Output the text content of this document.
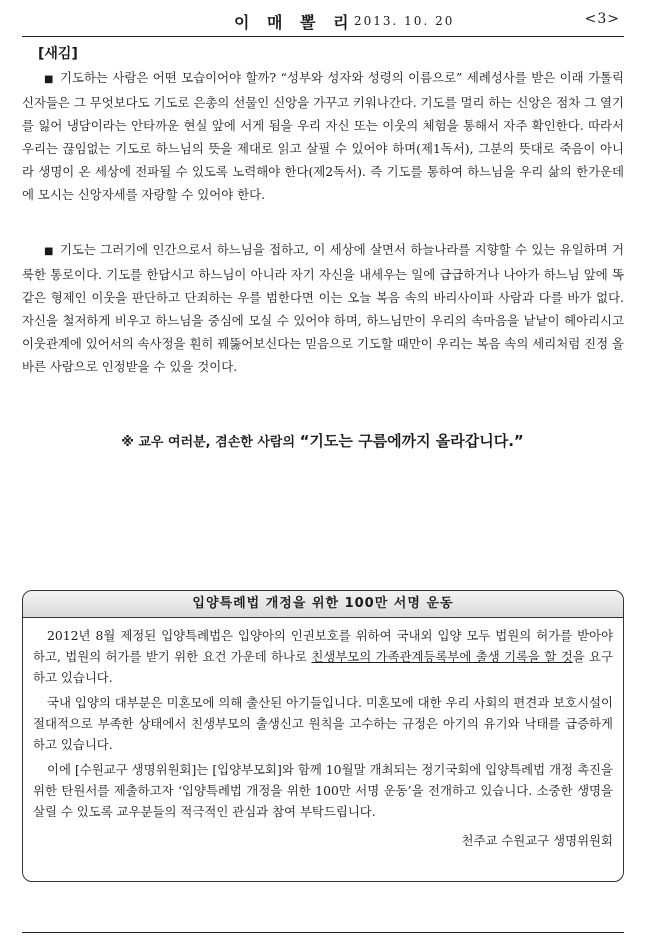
이 매 뽈 리 2013. 10. 20	<3>
[새김]

■ 기도하는 사람은 어떤 모습이어야 할까? “성부와 성자와 성령의 이름으로” 세례성사를 받은 이래 가톨릭 신자들은 그 무엇보다도 기도로 은총의 선물인 신앙을 가꾸고 키워나간다. 기도를 멀리 하는 신앙은 점차 그 열기를 잃어 냉담이라는 안타까운 현실 앞에 서게 됨을 우리 자신 또는 이웃의 체험을 통해서 자주 확인한다. 따라서 우리는 끊임없는 기도로 하느님의 뜻을 제대로 읽고 살필 수 있어야 하며(제1독서), 그분의 뜻대로 죽음이 아니라 생명이 온 세상에 전파될 수 있도록 노력해야 한다(제2독서). 즉 기도를 통하여 하느님을 우리 삶의 한가운데에 모시는 신앙자세를 자랑할 수 있어야 한다.

■ 기도는 그러기에 인간으로서 하느님을 접하고, 이 세상에 살면서 하늘나라를 지향할 수 있는 유일하며 거룩한 통로이다. 기도를 한답시고 하느님이 아니라 자기 자신을 내세우는 일에 급급하거나 나아가 하느님 앞에 똑같은 형제인 이웃을 판단하고 단죄하는 우를 범한다면 이는 오늘 복음 속의 바리사이파 사람과 다를 바가 없다. 자신을 철저하게 비우고 하느님을 중심에 모실 수 있어야 하며, 하느님만이 우리의 속마음을 낱낱이 헤아리시고 이웃관계에 있어서의 속사정을 훤히 꿰뚫어보신다는 믿음으로 기도할 때만이 우리는 복음 속의 세리처럼 진정 올바른 사람으로 인정받을 수 있을 것이다.

※ 교우 여러분, 겸손한 사람의 “기도는 구름에까지 올라갑니다.”
입양특례법 개정을 위한 100만 서명 운동

2012년 8월 제정된 입양특례법은 입양아의 인권보호를 위하여 국내외 입양 모두 법원의 허가를 받아야 하고, 법원의 허가를 받기 위한 요건 가운데 하나로 친생부모의 가족관계등록부에 출생 기록을 할 것을 요구하고 있습니다.

국내 입양의 대부분은 미혼모에 의해 출산된 아기들입니다. 미혼모에 대한 우리 사회의 편견과 보호시설이 절대적으로 부족한 상태에서 친생부모의 출생신고 원칙을 고수하는 규정은 아기의 유기와 낙태를 급증하게 하고 있습니다.

이에 [수원교구 생명위원회]는 [입양부모회]와 함께 10월말 개최되는 정기국회에 입양특례법 개정 촉진을 위한 탄원서를 제출하고자 ‘입양특례법 개정을 위한 100만 서명 운동’을 전개하고 있습니다. 소중한 생명을 살릴 수 있도록 교우분들의 적극적인 관심과 참여 부탁드립니다.

천주교 수원교구 생명위원회
